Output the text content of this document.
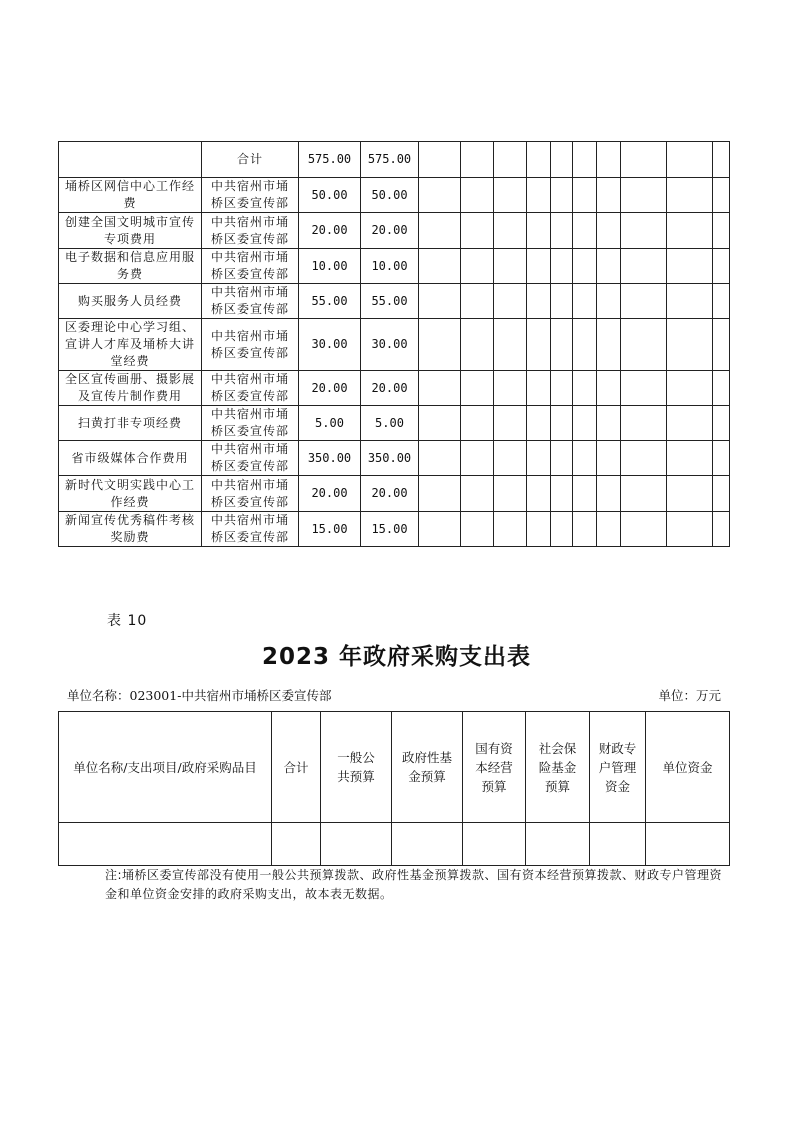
	合计	575.00	575.00										
埇桥区网信中心工作经费	中共宿州市埇桥区委宣传部	50.00	50.00										
创建全国文明城市宣传专项费用	中共宿州市埇桥区委宣传部	20.00	20.00										
电子数据和信息应用服务费	中共宿州市埇桥区委宣传部	10.00	10.00										
购买服务人员经费	中共宿州市埇桥区委宣传部	55.00	55.00										
区委理论中心学习组、宣讲人才库及埇桥大讲堂经费	中共宿州市埇桥区委宣传部	30.00	30.00										
全区宣传画册、摄影展及宣传片制作费用	中共宿州市埇桥区委宣传部	20.00	20.00										
扫黄打非专项经费	中共宿州市埇桥区委宣传部	5.00	5.00										
省市级媒体合作费用	中共宿州市埇桥区委宣传部	350.00	350.00										
新时代文明实践中心工作经费	中共宿州市埇桥区委宣传部	20.00	20.00										
新闻宣传优秀稿件考核奖励费	中共宿州市埇桥区委宣传部	15.00	15.00										
表 10
2023 年政府采购支出表
单位名称：023001-中共宿州市埇桥区委宣传部	单位：万元
单位名称/支出项目/政府采购品目	合计	一般公共预算	政府性基金预算	国有资本经营预算	社会保险基金预算	财政专户管理资金	单位资金

注:埇桥区委宣传部没有使用一般公共预算拨款、政府性基金预算拨款、国有资本经营预算拨款、财政专户管理资金和单位资金安排的政府采购支出，故本表无数据。
